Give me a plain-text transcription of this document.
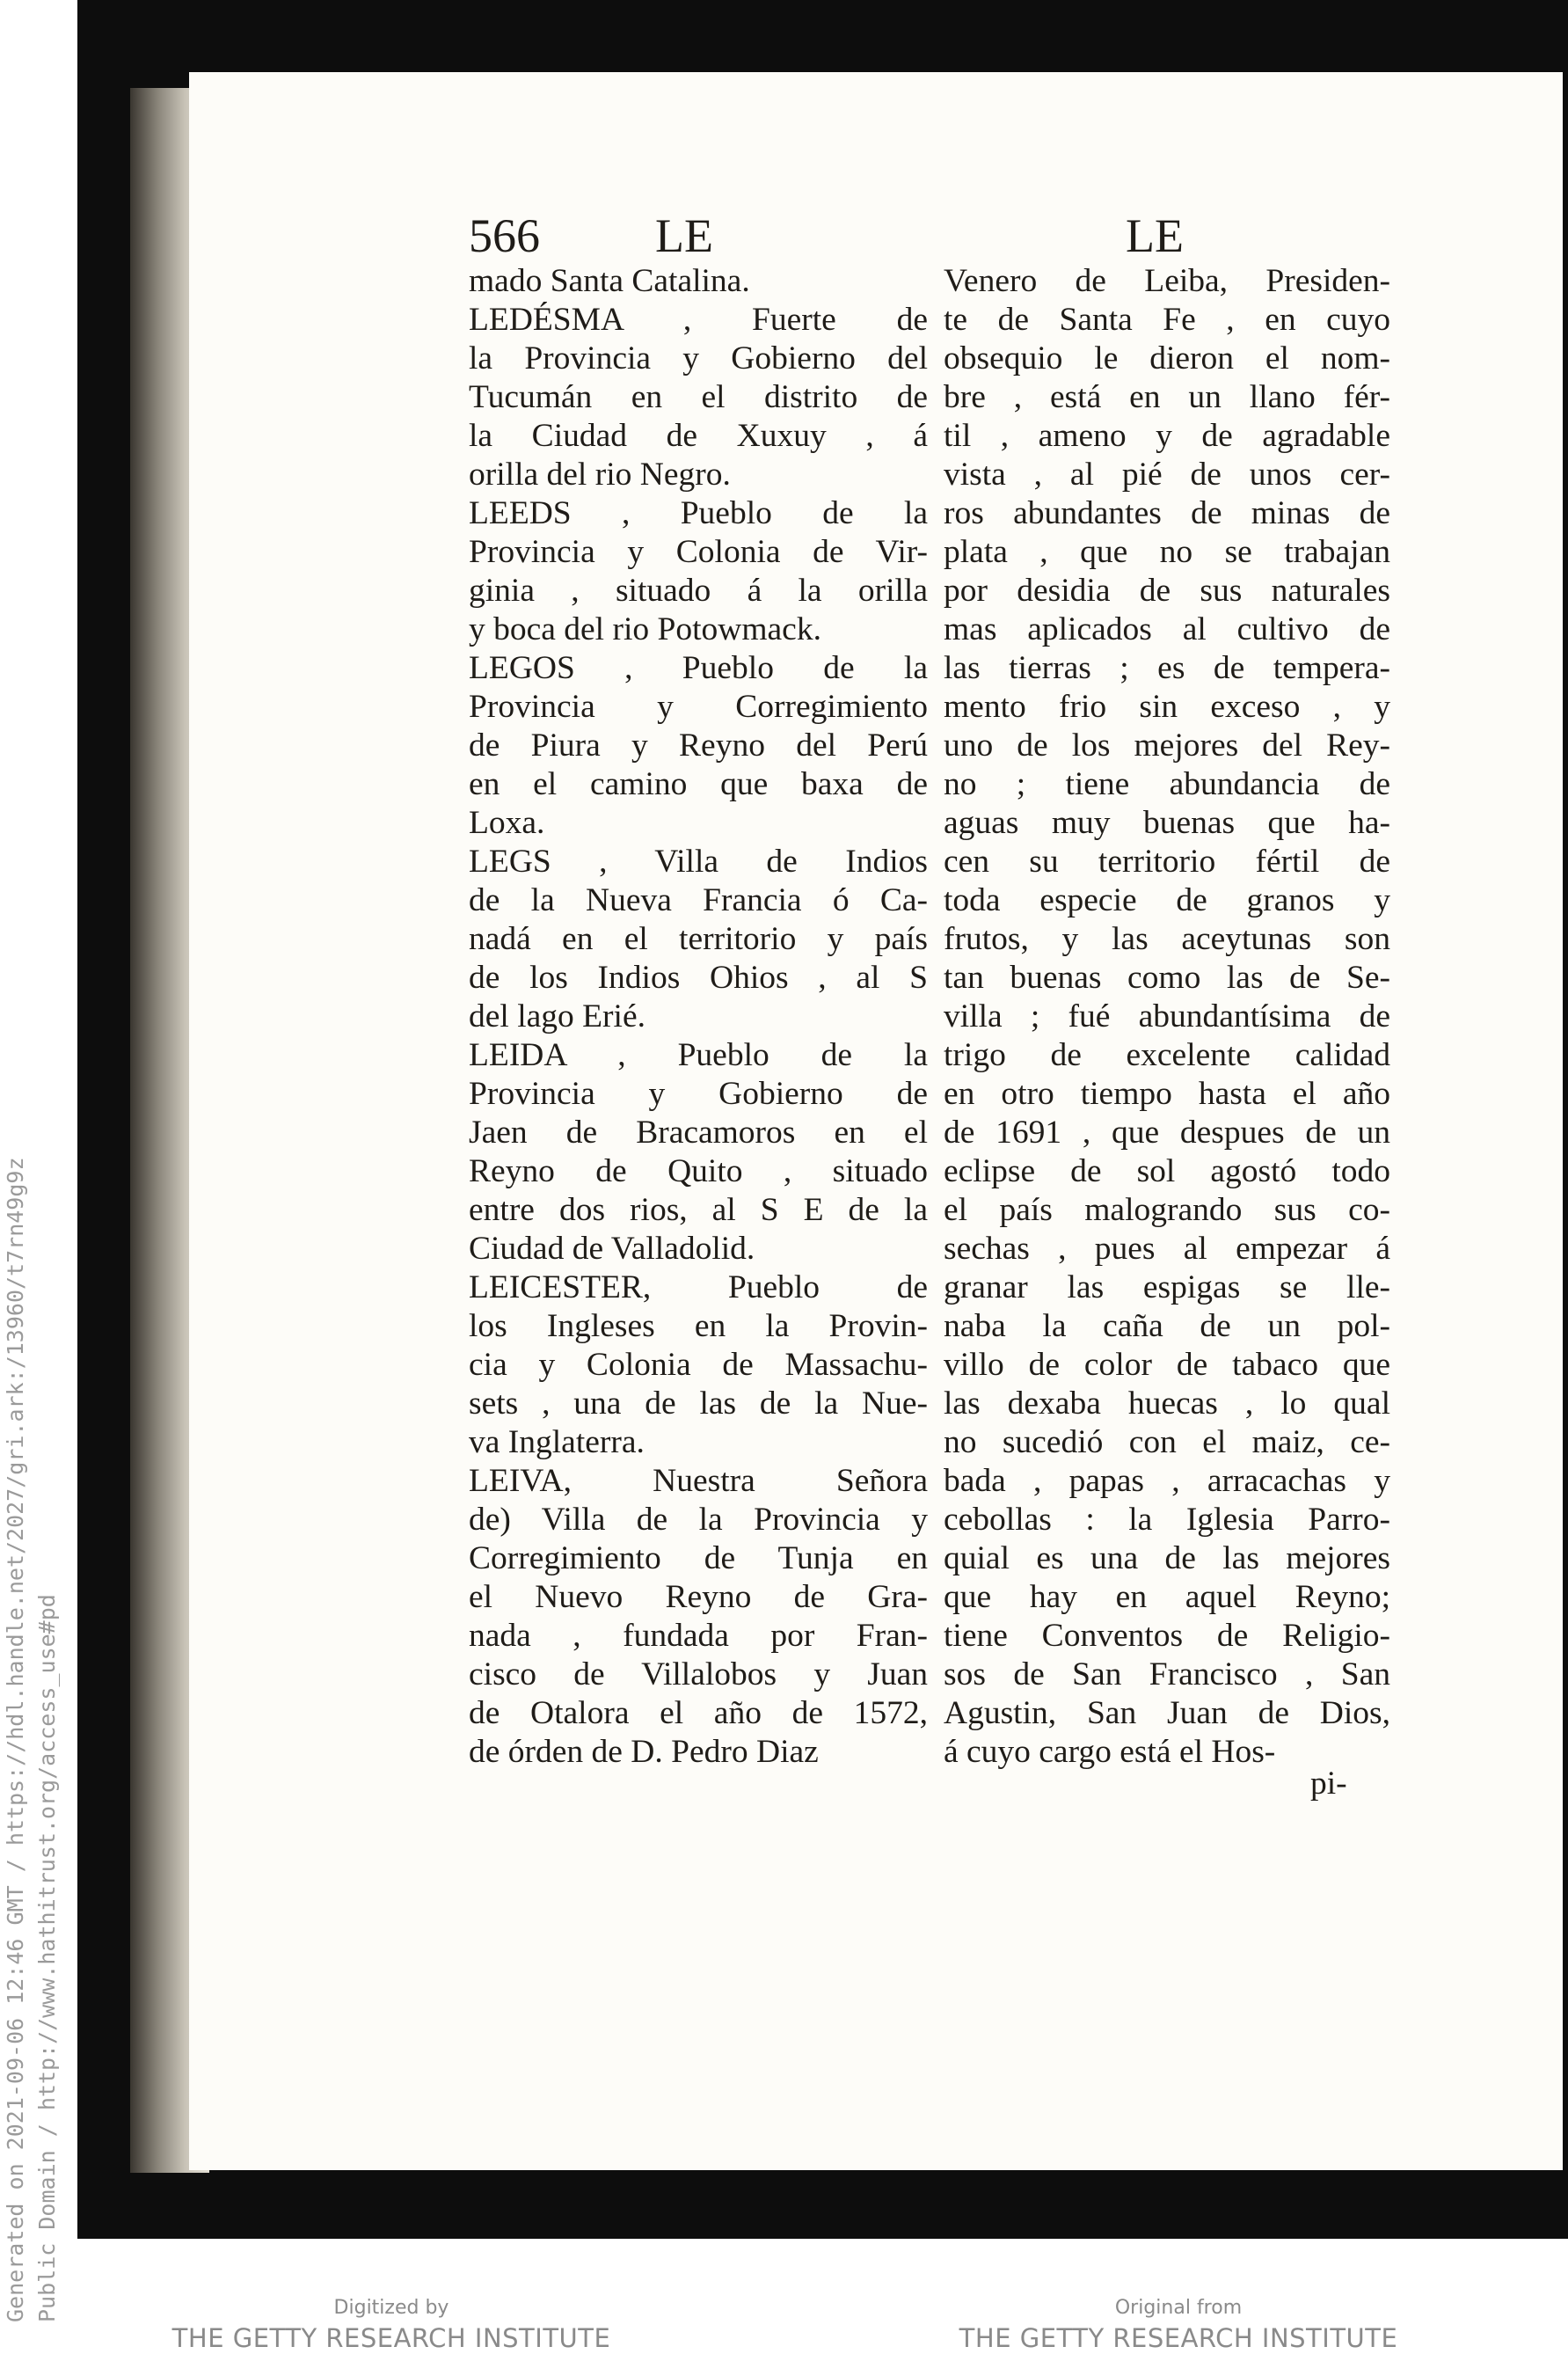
566 LE	LE

mado Santa Catalina.

LEDÉSMA , Fuerte de

la Provincia y Gobierno del

Tucumán en el distrito de

la Ciudad de Xuxuy , á

orilla del rio Negro.

LEEDS , Pueblo de la

Provincia y Colonia de Vir-

ginia , situado á la orilla

y boca del rio Potowmack.

LEGOS , Pueblo de la

Provincia y Corregimiento

de Piura y Reyno del Perú

en el camino que baxa de

Loxa.

LEGS , Villa de Indios

de la Nueva Francia ó Ca-

nadá en el territorio y país

de los Indios Ohios , al S

del lago Erié.

LEIDA , Pueblo de la

Provincia y Gobierno de

Jaen de Bracamoros en el

Reyno de Quito , situado

entre dos rios, al S E de la

Ciudad de Valladolid.

LEICESTER, Pueblo de

los Ingleses en la Provin-

cia y Colonia de Massachu-

sets , una de las de la Nue-

va Inglaterra.

LEIVA, Nuestra Señora

de) Villa de la Provincia y

Corregimiento de Tunja en

el Nuevo Reyno de Gra-

nada , fundada por Fran-

cisco de Villalobos y Juan

de Otalora el año de 1572,

de órden de D. Pedro Diaz

Venero de Leiba, Presiden-

te de Santa Fe , en cuyo

obsequio le dieron el nom-

bre , está en un llano fér-

til , ameno y de agradable

vista , al pié de unos cer-

ros abundantes de minas de

plata , que no se trabajan

por desidia de sus naturales

mas aplicados al cultivo de

las tierras ; es de tempera-

mento frio sin exceso , y

uno de los mejores del Rey-

no ; tiene abundancia de

aguas muy buenas que ha-

cen su territorio fértil de

toda especie de granos y

frutos, y las aceytunas son

tan buenas como las de Se-

villa ; fué abundantísima de

trigo de excelente calidad

en otro tiempo hasta el año

de 1691 , que despues de un

eclipse de sol agostó todo

el país malogrando sus co-

sechas , pues al empezar á

granar las espigas se lle-

naba la caña de un pol-

villo de color de tabaco que

las dexaba huecas , lo qual

no sucedió con el maiz, ce-

bada , papas , arracachas y

cebollas : la Iglesia Parro-

quial es una de las mejores

que hay en aquel Reyno;

tiene Conventos de Religio-

sos de San Francisco , San

Agustin, San Juan de Dios,

á cuyo cargo está el Hos-

pi-
Generated on 2021-09-06 12:46 GMT / https://hdl.handle.net/2027/gri.ark:/13960/t7rn49g9z Public Domain / http://www.hathitrust.org/access_use#pd	Digitized by
THE GETTY RESEARCH INSTITUTE
Original from
THE GETTY RESEARCH INSTITUTE
